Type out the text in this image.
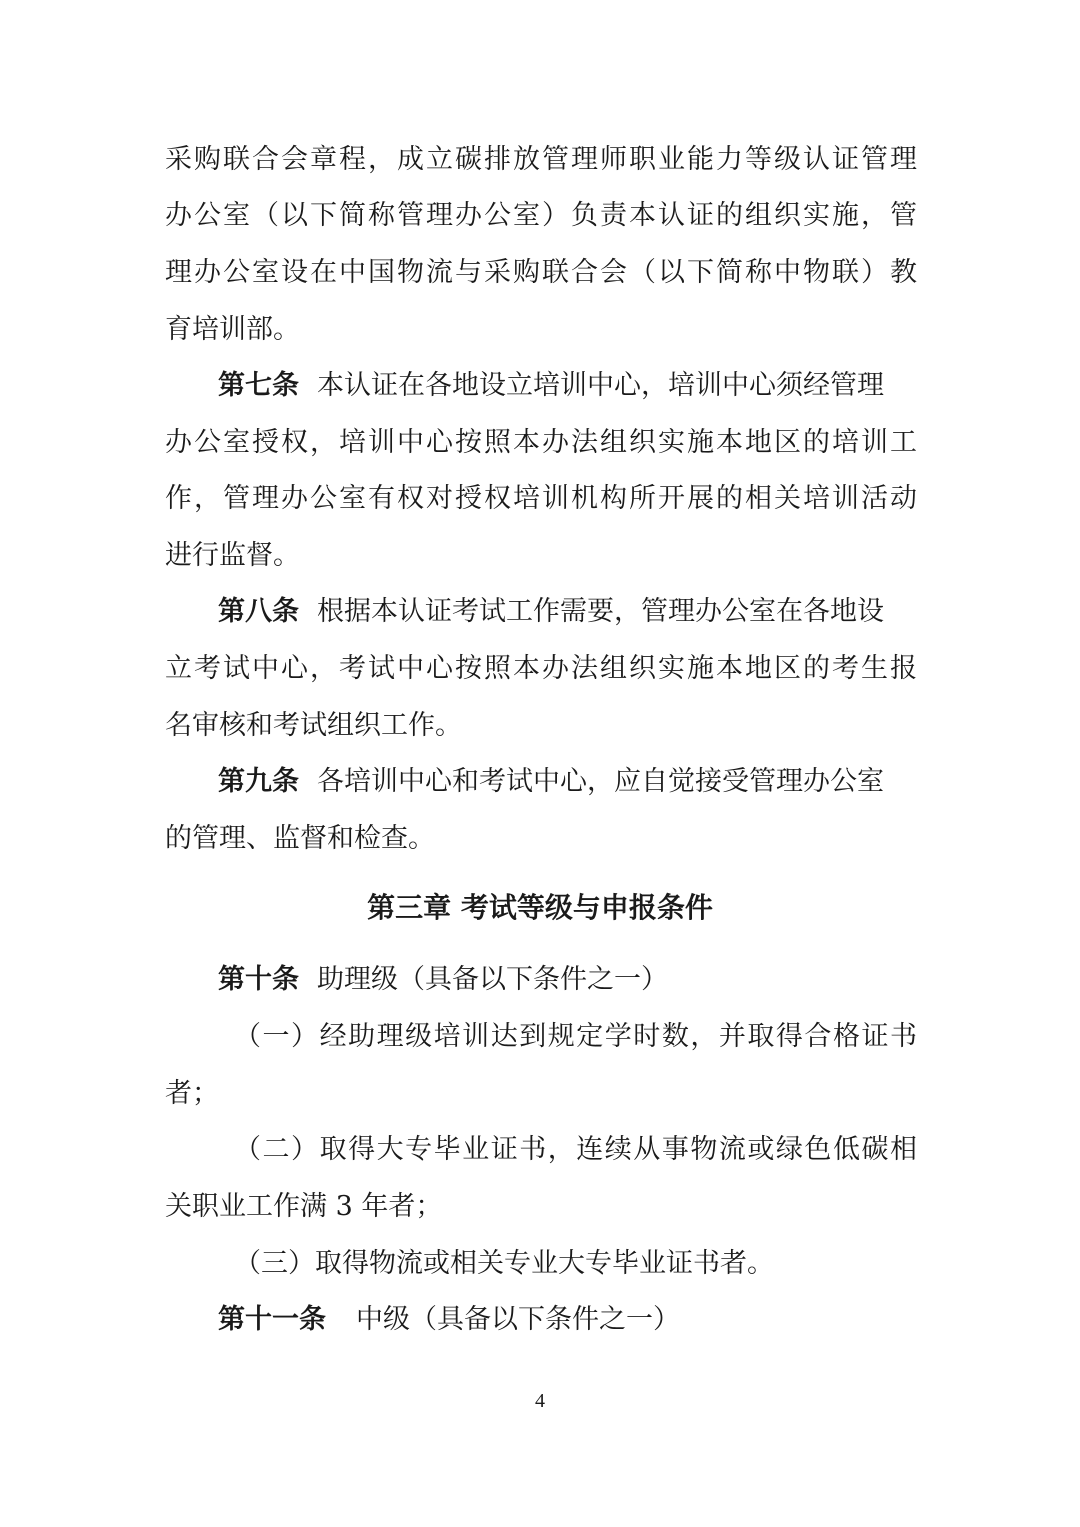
采购联合会章程，成立碳排放管理师职业能力等级认证管理
办公室（以下简称管理办公室）负责本认证的组织实施，管
理办公室设在中国物流与采购联合会（以下简称中物联）教
育培训部。
第七条 本认证在各地设立培训中心，培训中心须经管理
办公室授权，培训中心按照本办法组织实施本地区的培训工
作，管理办公室有权对授权培训机构所开展的相关培训活动
进行监督。
第八条 根据本认证考试工作需要，管理办公室在各地设
立考试中心，考试中心按照本办法组织实施本地区的考生报
名审核和考试组织工作。
第九条 各培训中心和考试中心，应自觉接受管理办公室
的管理、监督和检查。
第三章 考试等级与申报条件
第十条 助理级（具备以下条件之一）
（一）经助理级培训达到规定学时数，并取得合格证书
者；
（二）取得大专毕业证书，连续从事物流或绿色低碳相
关职业工作满 3 年者；
（三）取得物流或相关专业大专毕业证书者。
第十一条 中级（具备以下条件之一）
4
